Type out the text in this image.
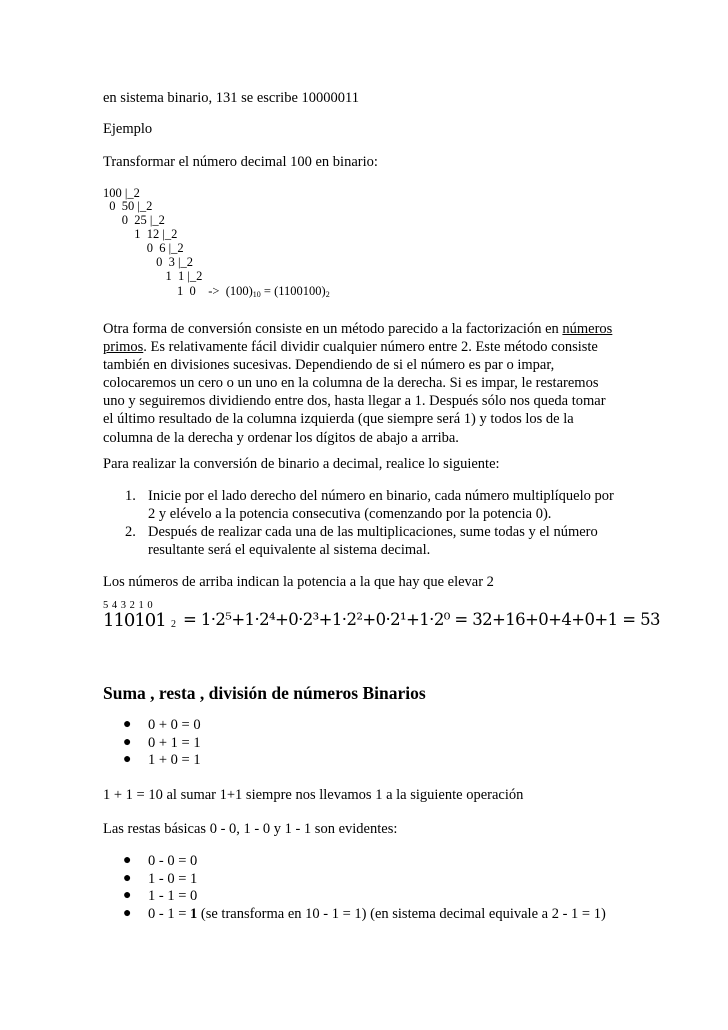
en sistema binario, 131 se escribe 10000011
Ejemplo
Transformar el número decimal 100 en binario:
100 |_2
0  50 |_2
0  25 |_2
1  12 |_2
0  6 |_2
0  3 |_2
1  1 |_2
1  $0 -> (100)_{10} = (1100100)_2$
Otra forma de conversión consiste en un método parecido a la factorización en números
primos. Es relativamente fácil dividir cualquier número entre 2. Este método consiste
también en divisiones sucesivas. Dependiendo de si el número es par o impar,
colocaremos un cero o un uno en la columna de la derecha. Si es impar, le restaremos
uno y seguiremos dividiendo entre dos, hasta llegar a 1. Después sólo nos queda tomar
el último resultado de la columna izquierda (que siempre será 1) y todos los de la
columna de la derecha y ordenar los dígitos de abajo a arriba.
Para realizar la conversión de binario a decimal, realice lo siguiente:
1. Inicie por el lado derecho del número en binario, cada número multiplíquelo por
2 y elévelo a la potencia consecutiva (comenzando por la potencia 0).
2. Después de realizar cada una de las multiplicaciones, sume todas y el número
resultante será el equivalente al sistema decimal.
Los números de arriba indican la potencia a la que hay que elevar 2
5 4 3 2 1 0
110101 2 = 1·2⁵+1·2⁴+0·2³+1·2²+0·2¹+1·2⁰ = 32+16+0+4+0+1 = 53
Suma , resta , división de números Binarios
● 0 + 0 = 0
● 0 + 1 = 1
● 1 + 0 = 1
1 + 1 = 10 al sumar 1+1 siempre nos llevamos 1 a la siguiente operación
Las restas básicas 0 - 0, 1 - 0 y 1 - 1 son evidentes:
● 0 - 0 = 0
● 1 - 0 = 1
● 1 - 1 = 0
● 0 - 1 = 1 (se transforma en 10 - 1 = 1) (en sistema decimal equivale a 2 - 1 = 1)
